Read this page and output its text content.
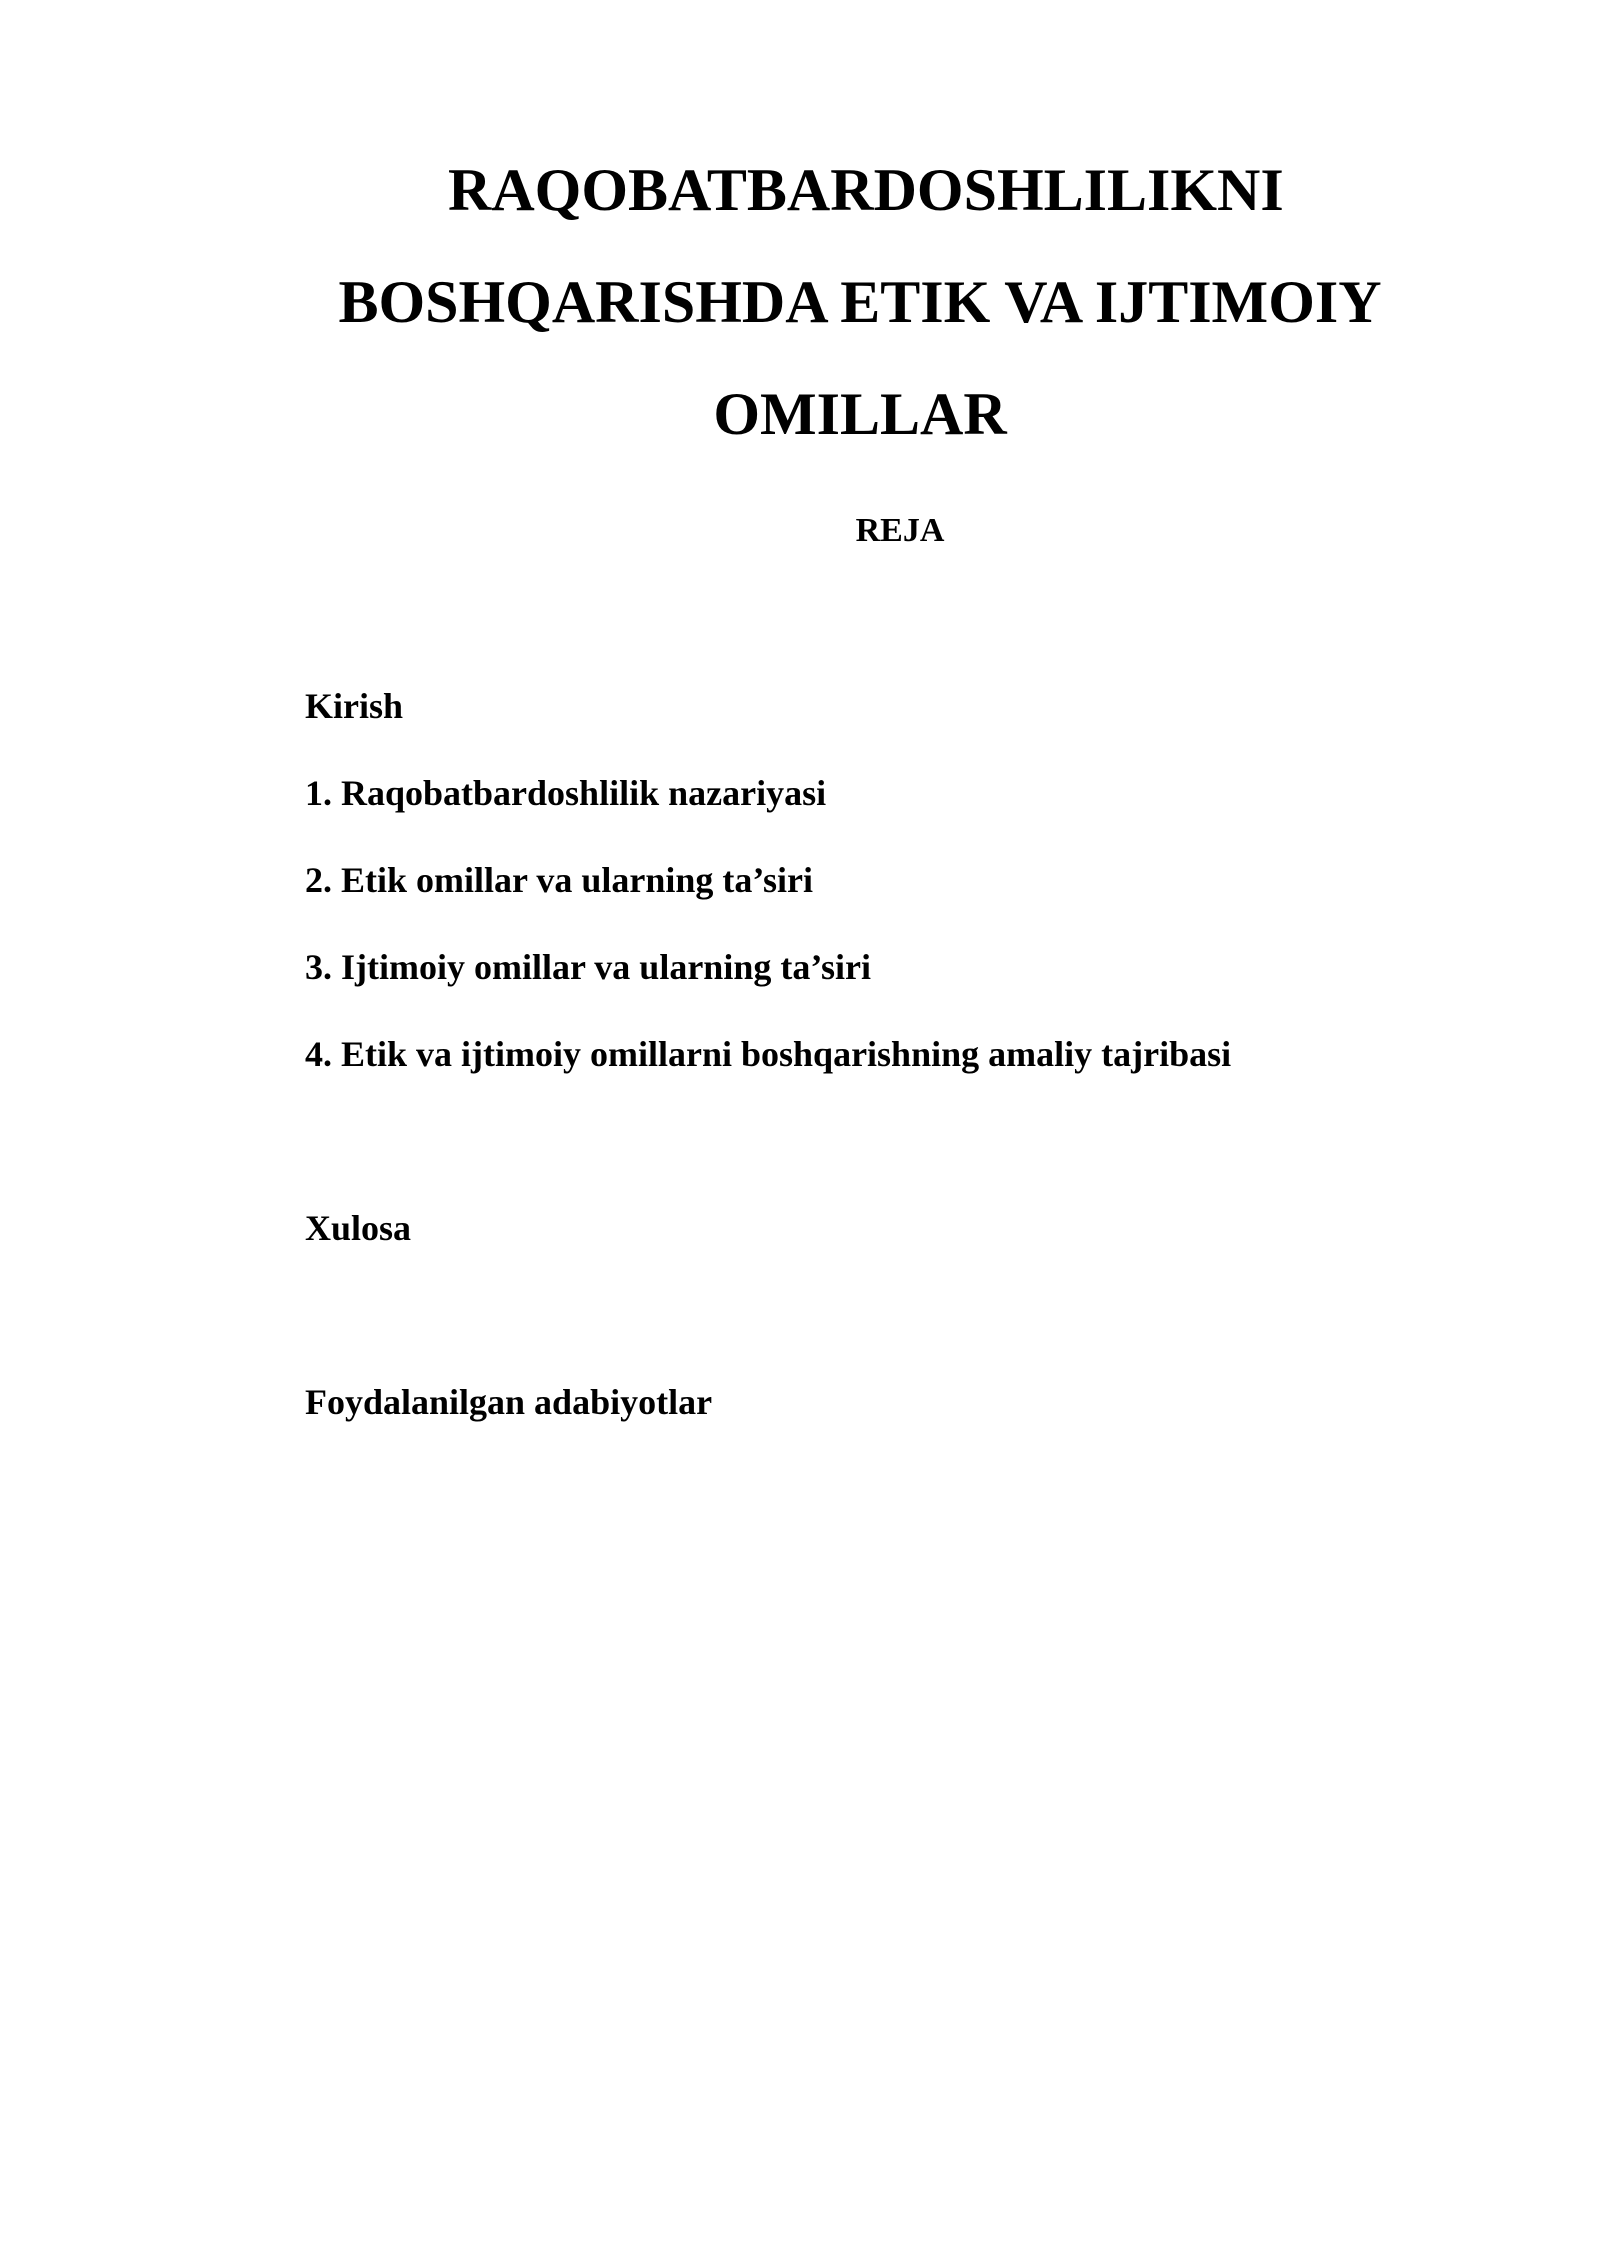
RAQOBATBARDOSHLILIKNI
BOSHQARISHDA ETIK VA IJTIMOIY
OMILLAR
REJA
Kirish
1. Raqobatbardoshlilik nazariyasi
2. Etik omillar va ularning ta’siri
3. Ijtimoiy omillar va ularning ta’siri
4. Etik va ijtimoiy omillarni boshqarishning amaliy tajribasi
Xulosa
Foydalanilgan adabiyotlar
